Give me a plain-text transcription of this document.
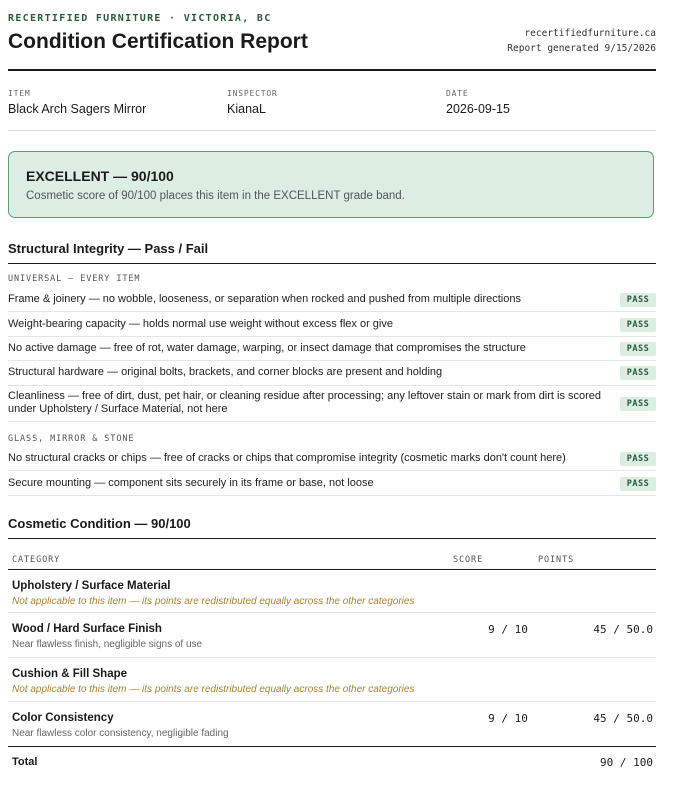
RECERTIFIED FURNITURE · VICTORIA, BC
Condition Certification Report	recertifiedfurniture.ca
Report generated 9/15/2026
ITEM
Black Arch Sagers Mirror
INSPECTOR
KianaL
DATE
2026-09-15
EXCELLENT — 90/100
Cosmetic score of 90/100 places this item in the EXCELLENT grade band.
Structural Integrity — Pass / Fail
UNIVERSAL — EVERY ITEM
Frame & joinery — no wobble, looseness, or separation when rocked and pushed from multiple directions	PASS
Weight-bearing capacity — holds normal use weight without excess flex or give	PASS
No active damage — free of rot, water damage, warping, or insect damage that compromises the structure	PASS
Structural hardware — original bolts, brackets, and corner blocks are present and holding	PASS
Cleanliness — free of dirt, dust, pet hair, or cleaning residue after processing; any leftover stain or mark from dirt is scored under Upholstery / Surface Material, not here	PASS
GLASS, MIRROR & STONE
No structural cracks or chips — free of cracks or chips that compromise integrity (cosmetic marks don't count here)	PASS
Secure mounting — component sits securely in its frame or base, not loose	PASS
Cosmetic Condition — 90/100
CATEGORY	SCORE	POINTS
Upholstery / Surface Material
Not applicable to this item — its points are redistributed equally across the other categories
Wood / Hard Surface Finish
Near flawless finish, negligible signs of use
9 / 10	45 / 50.0
Cushion & Fill Shape
Not applicable to this item — its points are redistributed equally across the other categories
Color Consistency
Near flawless color consistency, negligible fading
9 / 10	45 / 50.0
Total	90 / 100
